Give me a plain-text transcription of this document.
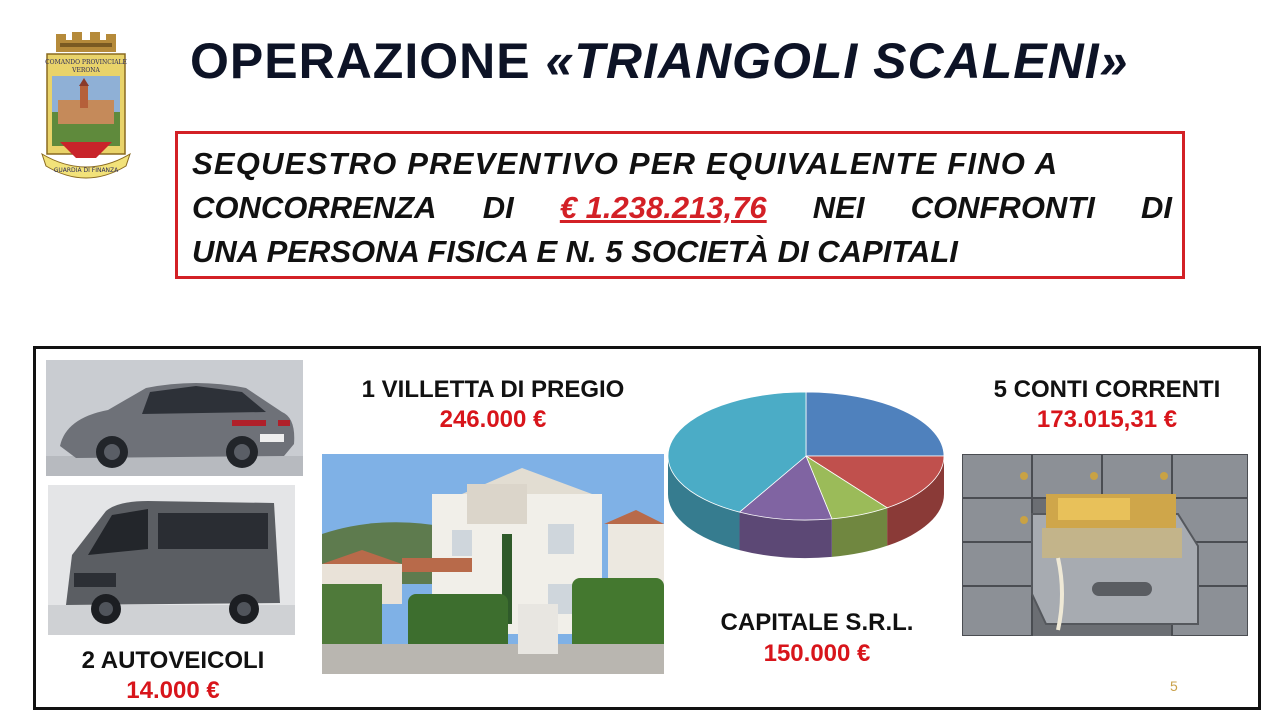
COMANDO PROVINCIALE
VERONA
GUARDIA DI FINANZA
OPERAZIONE «TRIANGOLI SCALENI»
SEQUESTRO PREVENTIVO PER EQUIVALENTE FINO A
CONCORRENZA DI € 1.238.213,76 NEI CONFRONTI DI
UNA PERSONA FISICA E N. 5 SOCIETÀ DI CAPITALI
2 AUTOVEICOLI
14.000 €
1 VILLETTA DI PREGIO
246.000 €
CAPITALE S.R.L.
150.000 €
5 CONTI CORRENTI
173.015,31 €
5
